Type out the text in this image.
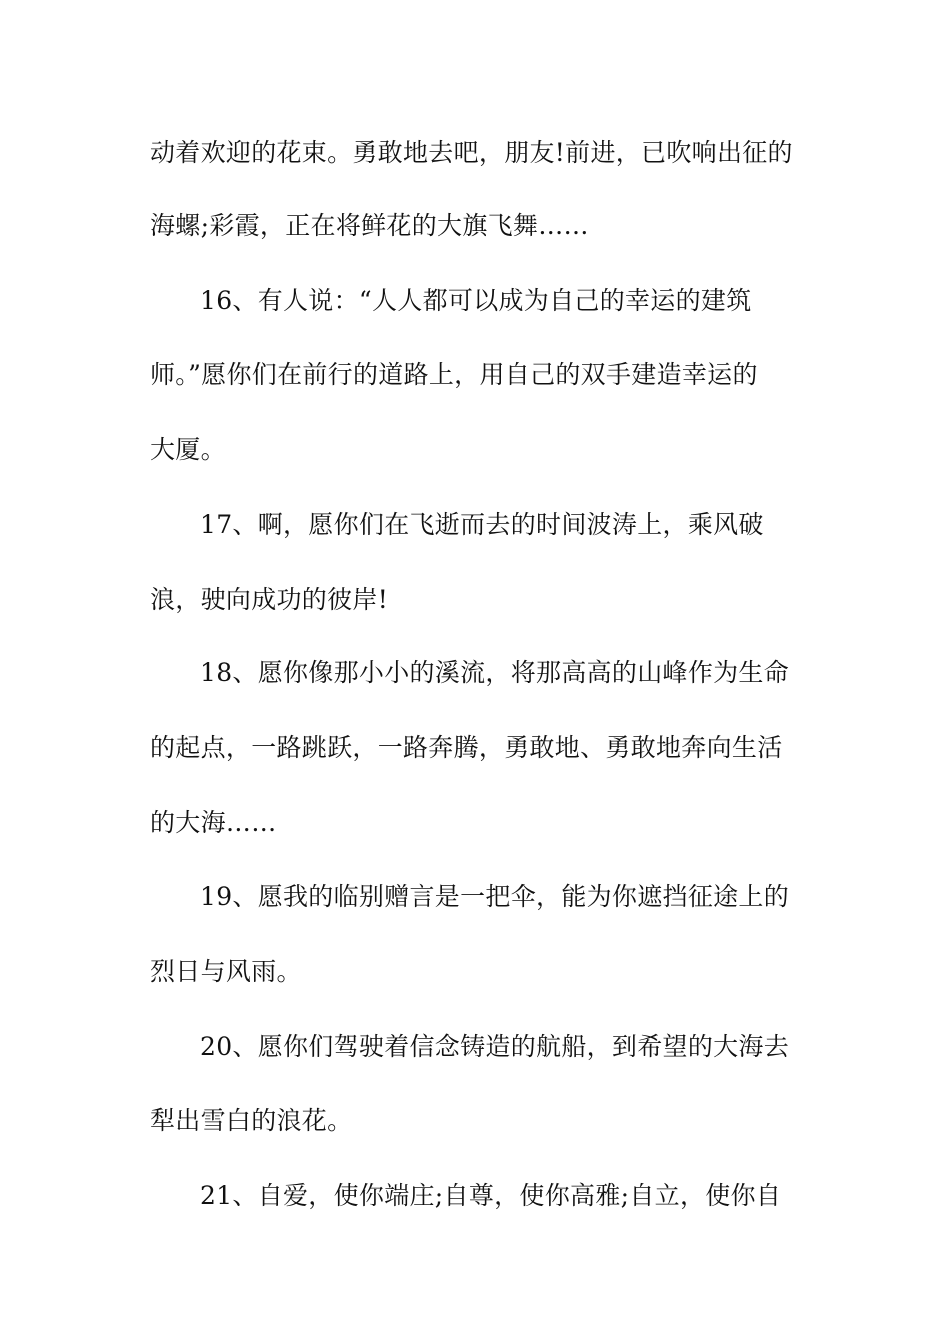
动着欢迎的花束。勇敢地去吧，朋友!前进，已吹响出征的
海螺;彩霞，正在将鲜花的大旗飞舞……
16、有人说：“人人都可以成为自己的幸运的建筑
师。”愿你们在前行的道路上，用自己的双手建造幸运的
大厦。
17、啊，愿你们在飞逝而去的时间波涛上，乘风破
浪，驶向成功的彼岸!
18、愿你像那小小的溪流，将那高高的山峰作为生命
的起点，一路跳跃，一路奔腾，勇敢地、勇敢地奔向生活
的大海……
19、愿我的临别赠言是一把伞，能为你遮挡征途上的
烈日与风雨。
20、愿你们驾驶着信念铸造的航船，到希望的大海去
犁出雪白的浪花。
21、自爱，使你端庄;自尊，使你高雅;自立，使你自
